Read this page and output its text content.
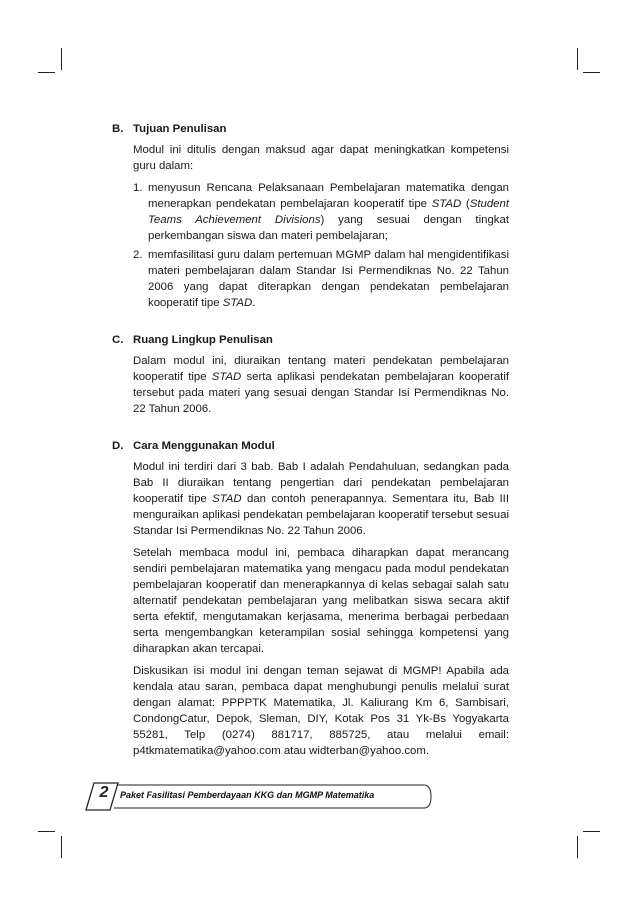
B. Tujuan Penulisan

Modul ini ditulis dengan maksud agar dapat meningkatkan kompetensi guru dalam:

1. menyusun Rencana Pelaksanaan Pembelajaran matematika dengan menerapkan pendekatan pembelajaran kooperatif tipe STAD (Student Teams Achievement Divisions) yang sesuai dengan tingkat perkembangan siswa dan materi pembelajaran;
2. memfasilitasi guru dalam pertemuan MGMP dalam hal mengidentifikasi materi pembelajaran dalam Standar Isi Permendiknas No. 22 Tahun 2006 yang dapat diterapkan dengan pendekatan pembelajaran kooperatif tipe STAD.
C. Ruang Lingkup Penulisan

Dalam modul ini, diuraikan tentang materi pendekatan pembelajaran kooperatif tipe STAD serta aplikasi pendekatan pembelajaran kooperatif tersebut pada materi yang sesuai dengan Standar Isi Permendiknas No. 22 Tahun 2006.

D. Cara Menggunakan Modul

Modul ini terdiri dari 3 bab. Bab I adalah Pendahuluan, sedangkan pada Bab II diuraikan tentang pengertian dari pendekatan pembelajaran kooperatif tipe STAD dan contoh penerapannya. Sementara itu, Bab III menguraikan aplikasi pendekatan pembelajaran kooperatif tersebut sesuai Standar Isi Permendiknas No. 22 Tahun 2006.

Setelah membaca modul ini, pembaca diharapkan dapat merancang sendiri pembelajaran matematika yang mengacu pada modul pendekatan pembelajaran kooperatif dan menerapkannya di kelas sebagai salah satu alternatif pendekatan pembelajaran yang melibatkan siswa secara aktif serta efektif, mengutamakan kerjasama, menerima berbagai perbedaan serta mengembangkan keterampilan sosial sehingga kompetensi yang diharapkan akan tercapai.

Diskusikan isi modul ini dengan teman sejawat di MGMP! Apabila ada kendala atau saran, pembaca dapat menghubungi penulis melalui surat dengan alamat: PPPPTK Matematika, Jl. Kaliurang Km 6, Sambisari, CondongCatur, Depok, Sleman, DIY, Kotak Pos 31 Yk-Bs Yogyakarta 55281, Telp (0274) 881717, 885725, atau melalui email: p4tkmatematika@yahoo.com atau widterban@yahoo.com.

2	Paket Fasilitasi Pemberdayaan KKG dan MGMP Matematika
